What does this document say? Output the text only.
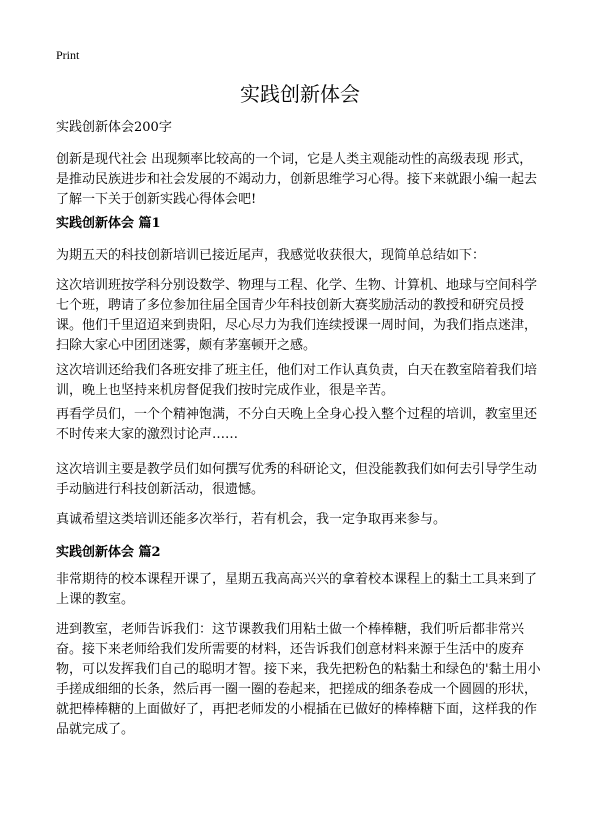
Print
实践创新体会

实践创新体会200字

创新是现代社会 出现频率比较高的一个词，它是人类主观能动性的高级表现 形式，是推动民族进步和社会发展的不竭动力，创新思维学习心得。接下来就跟小编一起去了解一下关于创新实践心得体会吧!

实践创新体会 篇1

为期五天的科技创新培训已接近尾声，我感觉收获很大，现简单总结如下：

这次培训班按学科分别设数学、物理与工程、化学、生物、计算机、地球与空间科学七个班，聘请了多位参加往届全国青少年科技创新大赛奖励活动的教授和研究员授课。他们千里迢迢来到贵阳，尽心尽力为我们连续授课一周时间，为我们指点迷津，扫除大家心中团团迷雾，颇有茅塞顿开之感。

这次培训还给我们各班安排了班主任，他们对工作认真负责，白天在教室陪着我们培训，晚上也坚持来机房督促我们按时完成作业，很是辛苦。

再看学员们，一个个精神饱满，不分白天晚上全身心投入整个过程的培训，教室里还不时传来大家的激烈讨论声……

这次培训主要是教学员们如何撰写优秀的科研论文，但没能教我们如何去引导学生动手动脑进行科技创新活动，很遗憾。

真诚希望这类培训还能多次举行，若有机会，我一定争取再来参与。

实践创新体会 篇2

非常期待的校本课程开课了，星期五我高高兴兴的拿着校本课程上的黏土工具来到了上课的教室。

进到教室，老师告诉我们：这节课教我们用粘土做一个棒棒糖，我们听后都非常兴奋。接下来老师给我们发所需要的材料，还告诉我们创意材料来源于生活中的废弃物，可以发挥我们自己的聪明才智。接下来，我先把粉色的粘黏土和绿色的'黏土用小手搓成细细的长条，然后再一圈一圈的卷起来，把搓成的细条卷成一个圆圆的形状，就把棒棒糖的上面做好了，再把老师发的小棍插在已做好的棒棒糖下面，这样我的作品就完成了。
